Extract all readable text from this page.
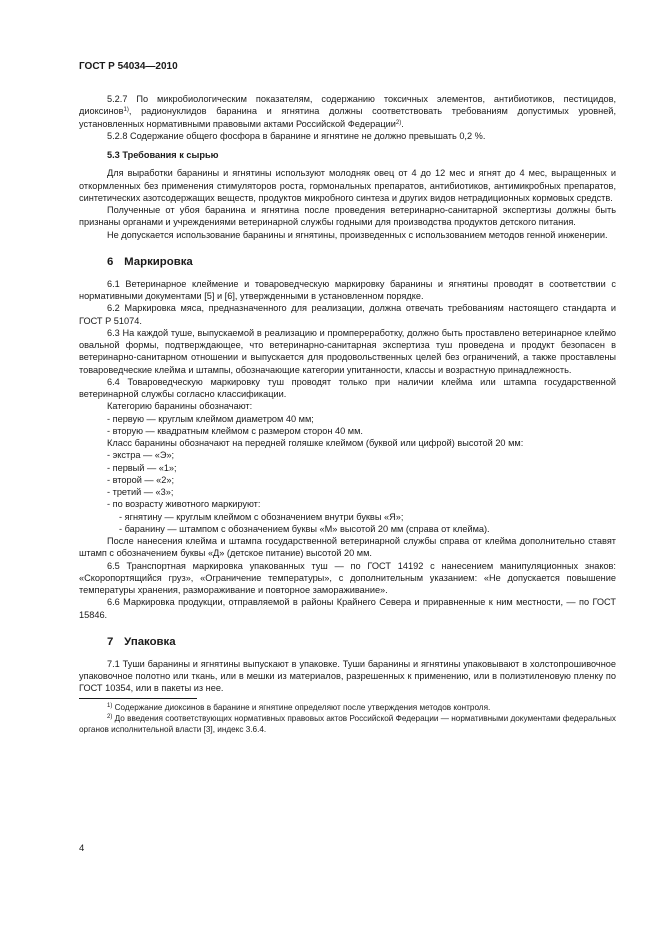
ГОСТ Р 54034—2010

5.2.7 По микробиологическим показателям, содержанию токсичных элементов, антибиотиков, пестицидов, диоксинов$^{1)}$, радионуклидов баранина и ягнятина должны соответствовать требованиям допустимых уровней, установленных нормативными правовыми актами Российской Федерации$^{2)}$.

5.2.8 Содержание общего фосфора в баранине и ягнятине не должно превышать 0,2 %.

5.3 Требования к сырью

Для выработки баранины и ягнятины используют молодняк овец от 4 до 12 мес и ягнят до 4 мес, выращенных и откормленных без применения стимуляторов роста, гормональных препаратов, антибиотиков, антимикробных препаратов, синтетических азотсодержащих веществ, продуктов микробного синтеза и других видов нетрадиционных кормовых средств.

Полученные от убоя баранина и ягнятина после проведения ветеринарно-санитарной экспертизы должны быть признаны органами и учреждениями ветеринарной службы годными для производства продуктов детского питания.

Не допускается использование баранины и ягнятины, произведенных с использованием методов генной инженерии.

6 Маркировка

6.1 Ветеринарное клеймение и товароведческую маркировку баранины и ягнятины проводят в соответствии с нормативными документами [5] и [6], утвержденными в установленном порядке.

6.2 Маркировка мяса, предназначенного для реализации, должна отвечать требованиям настоящего стандарта и ГОСТ Р 51074.

6.3 На каждой туше, выпускаемой в реализацию и промпереработку, должно быть проставлено ветеринарное клеймо овальной формы, подтверждающее, что ветеринарно-санитарная экспертиза туш проведена и продукт безопасен в ветеринарно-санитарном отношении и выпускается для продовольственных целей без ограничений, а также проставлены товароведческие клейма и штампы, обозначающие категории упитанности, классы и возрастную принадлежность.

6.4 Товароведческую маркировку туш проводят только при наличии клейма или штампа государственной ветеринарной службы согласно классификации.

Категорию баранины обозначают:

- первую — круглым клеймом диаметром 40 мм;

- вторую — квадратным клеймом с размером сторон 40 мм.

Класс баранины обозначают на передней голяшке клеймом (буквой или цифрой) высотой 20 мм:

- экстра — «Э»;

- первый — «1»;

- второй — «2»;

- третий — «3»;

- по возрасту животного маркируют:

- ягнятину — круглым клеймом с обозначением внутри буквы «Я»;

- баранину — штампом с обозначением буквы «М» высотой 20 мм (справа от клейма).

После нанесения клейма и штампа государственной ветеринарной службы справа от клейма дополнительно ставят штамп с обозначением буквы «Д» (детское питание) высотой 20 мм.

6.5 Транспортная маркировка упакованных туш — по ГОСТ 14192 с нанесением манипуляционных знаков: «Скоропортящийся груз», «Ограничение температуры», с дополнительным указанием: «Не допускается повышение температуры хранения, размораживание и повторное замораживание».

6.6 Маркировка продукции, отправляемой в районы Крайнего Севера и приравненные к ним местности, — по ГОСТ 15846.

7 Упаковка

7.1 Туши баранины и ягнятины выпускают в упаковке. Туши баранины и ягнятины упаковывают в холстопрошивочное упаковочное полотно или ткань, или в мешки из материалов, разрешенных к применению, или в полиэтиленовую пленку по ГОСТ 10354, или в пакеты из нее.

$^{1)}$ Содержание диоксинов в баранине и ягнятине определяют после утверждения методов контроля.

$^{2)}$ До введения соответствующих нормативных правовых актов Российской Федерации — нормативными документами федеральных органов исполнительной власти [3], индекс 3.6.4.

4
